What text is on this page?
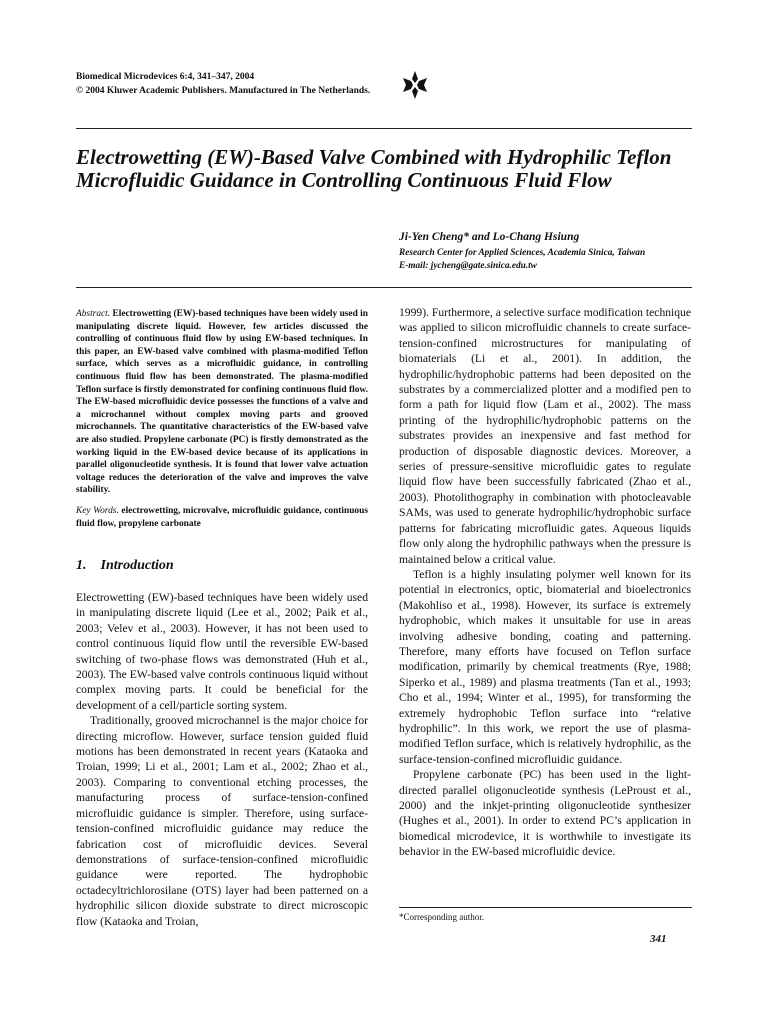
Biomedical Microdevices 6:4, 341–347, 2004
© 2004 Kluwer Academic Publishers. Manufactured in The Netherlands.
Electrowetting (EW)-Based Valve Combined with Hydrophilic Teflon Microfluidic Guidance in Controlling Continuous Fluid Flow
Ji-Yen Cheng* and Lo-Chang Hsiung
Research Center for Applied Sciences, Academia Sinica, Taiwan
E-mail: jycheng@gate.sinica.edu.tw
Abstract. Electrowetting (EW)-based techniques have been widely used in manipulating discrete liquid. However, few articles discussed the controlling of continuous fluid flow by using EW-based techniques. In this paper, an EW-based valve combined with plasma-modified Teflon surface, which serves as a microfluidic guidance, in controlling continuous fluid flow has been demonstrated. The plasma-modified Teflon surface is firstly demonstrated for confining continuous fluid flow. The EW-based microfluidic device possesses the functions of a valve and a microchannel without complex moving parts and grooved microchannels. The quantitative characteristics of the EW-based valve are also studied. Propylene carbonate (PC) is firstly demonstrated as the working liquid in the EW-based device because of its applications in parallel oligonucleotide synthesis. It is found that lower valve actuation voltage reduces the deterioration of the valve and improves the valve stability.
Key Words. electrowetting, microvalve, microfluidic guidance, continuous fluid flow, propylene carbonate
1. Introduction

Electrowetting (EW)-based techniques have been widely used in manipulating discrete liquid (Lee et al., 2002; Paik et al., 2003; Velev et al., 2003). However, it has not been used to control continuous liquid flow until the reversible EW-based switching of two-phase flows was demonstrated (Huh et al., 2003). The EW-based valve controls continuous liquid without complex moving parts. It could be beneficial for the development of a cell/particle sorting system.

Traditionally, grooved microchannel is the major choice for directing microflow. However, surface tension guided fluid motions has been demonstrated in recent years (Kataoka and Troian, 1999; Li et al., 2001; Lam et al., 2002; Zhao et al., 2003). Comparing to conventional etching processes, the manufacturing process of surface-tension-confined microfluidic guidance is simpler. Therefore, using surface-tension-confined microfluidic guidance may reduce the fabrication cost of microfluidic devices. Several demonstrations of surface-tension-confined microfluidic guidance were reported. The hydrophobic octadecyltrichlorosilane (OTS) layer had been patterned on a hydrophilic silicon dioxide substrate to direct microscopic flow (Kataoka and Troian,

1999). Furthermore, a selective surface modification technique was applied to silicon microfluidic channels to create surface-tension-confined microstructures for manipulating of biomaterials (Li et al., 2001). In addition, the hydrophilic/hydrophobic patterns had been deposited on the substrates by a commercialized plotter and a modified pen to form a path for liquid flow (Lam et al., 2002). The mass printing of the hydrophilic/hydrophobic patterns on the substrates provides an inexpensive and fast method for production of disposable diagnostic devices. Moreover, a series of pressure-sensitive microfluidic gates to regulate liquid flow have been successfully fabricated (Zhao et al., 2003). Photolithography in combination with photocleavable SAMs, was used to generate hydrophilic/hydrophobic surface patterns for fabricating microfluidic gates. Aqueous liquids flow only along the hydrophilic pathways when the pressure is maintained below a critical value.

Teflon is a highly insulating polymer well known for its potential in electronics, optic, biomaterial and bioelectronics (Makohliso et al., 1998). However, its surface is extremely hydrophobic, which makes it unsuitable for use in areas involving adhesive bonding, coating and patterning. Therefore, many efforts have focused on Teflon surface modification, primarily by chemical treatments (Rye, 1988; Siperko et al., 1989) and plasma treatments (Tan et al., 1993; Cho et al., 1994; Winter et al., 1995), for transforming the extremely hydrophobic Teflon surface into “relative hydrophilic”. In this work, we report the use of plasma-modified Teflon surface, which is relatively hydrophilic, as the surface-tension-confined microfluidic guidance.

Propylene carbonate (PC) has been used in the light-directed parallel oligonucleotide synthesis (LeProust et al., 2000) and the inkjet-printing oligonucleotide synthesizer (Hughes et al., 2001). In order to extend PC’s application in biomedical microdevice, it is worthwhile to investigate its behavior in the EW-based microfluidic device.

*Corresponding author.
341
